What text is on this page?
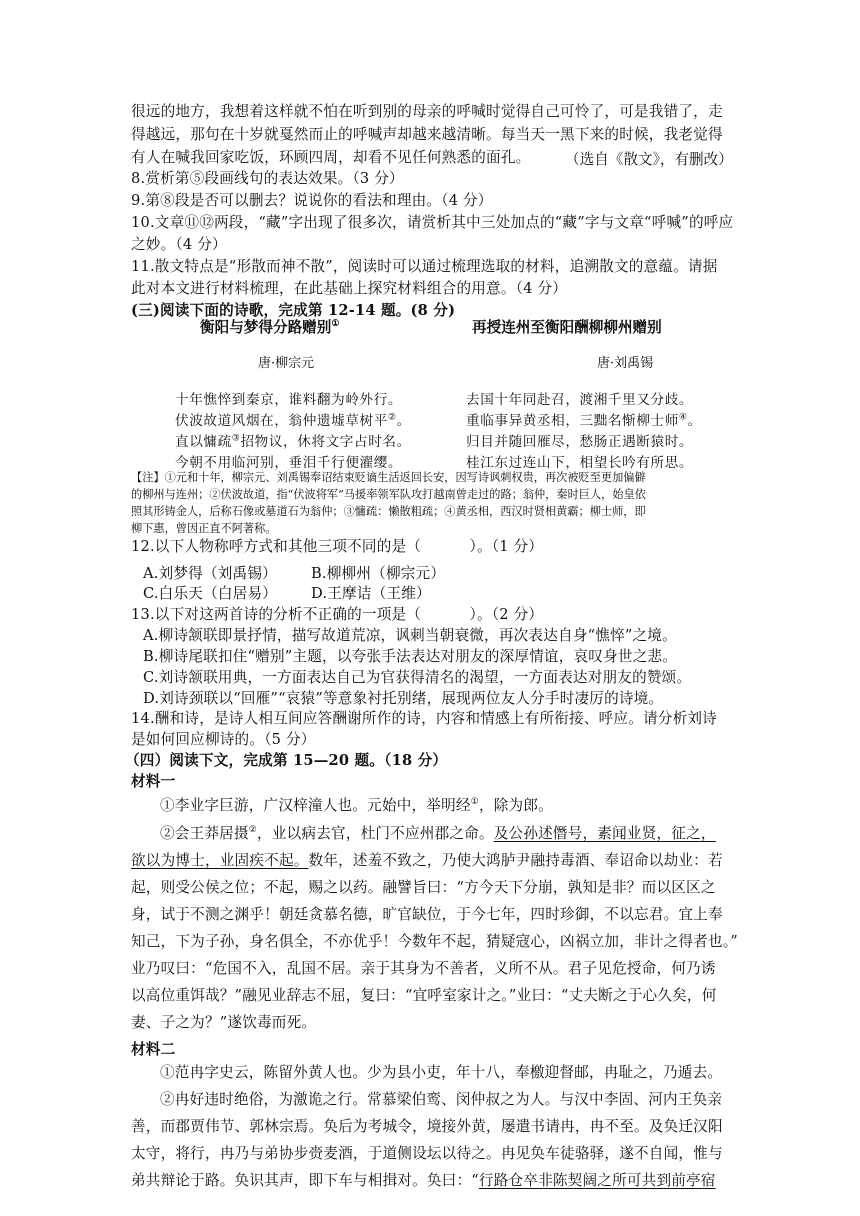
很远的地方，我想着这样就不怕在听到别的母亲的呼喊时觉得自己可怜了，可是我错了，走
得越远，那句在十岁就戛然而止的呼喊声却越来越清晰。每当天一黑下来的时候，我老觉得
有人在喊我回家吃饭，环顾四周，却看不见任何熟悉的面孔。 （选自《散文》，有删改）
8.赏析第⑤段画线句的表达效果。（3 分）
9.第⑧段是否可以删去？说说你的看法和理由。（4 分）
10.文章⑪⑫两段，“藏”字出现了很多次，请赏析其中三处加点的“藏”字与文章“呼喊”的呼应
之妙。（4 分）
11.散文特点是“形散而神不散”，阅读时可以通过梳理选取的材料，追溯散文的意蕴。请据
此对本文进行材料梳理，在此基础上探究材料组合的用意。（4 分）
(三)阅读下面的诗歌，完成第 12-14 题。(8 分)
衡阳与梦得分路赠别①	再授连州至衡阳酬柳柳州赠别
唐·柳宗元	唐·刘禹锡
十年憔悴到秦京，谁料翻为岭外行。
伏波故道风烟在，翁仲遗墟草树平②。
直以慵疏③招物议，休将文字占时名。
今朝不用临河别，垂泪千行便濯缨。
去国十年同赴召，渡湘千里又分歧。
重临事异黄丞相，三黜名惭柳士师④。
归目并随回雁尽，愁肠正遇断猿时。
桂江东过连山下，相望长吟有所思。
【注】①元和十年，柳宗元、刘禹锡奉诏结束贬谪生活返回长安，因写诗讽刺权贵，再次被贬至更加偏僻
的柳州与连州；②伏波故道，指“伏波将军”马援率领军队攻打越南曾走过的路；翁仲，秦时巨人，始皇依
照其形铸金人，后称石像或墓道石为翁仲；③慵疏：懒散粗疏；④黄丞相，西汉时贤相黄霸；柳士师，即
柳下惠，曾因正直不阿著称。
12.以下人物称呼方式和其他三项不同的是（          ）。（1 分）
A.刘梦得（刘禹锡） B.柳柳州（柳宗元）
C.白乐天（白居易） D.王摩诘（王维）
13.以下对这两首诗的分析不正确的一项是（          ）。（2 分）
A.柳诗颔联即景抒情，描写故道荒凉，讽刺当朝衰微，再次表达自身“憔悴”之境。
B.柳诗尾联扣住“赠别”主题，以夸张手法表达对朋友的深厚情谊，哀叹身世之悲。
C.刘诗颔联用典，一方面表达自己为官获得清名的渴望，一方面表达对朋友的赞颂。
D.刘诗颈联以“回雁”“哀猿”等意象衬托别绪，展现两位友人分手时凄厉的诗境。
14.酬和诗，是诗人相互间应答酬谢所作的诗，内容和情感上有所衔接、呼应。请分析刘诗
是如何回应柳诗的。（5 分）
（四）阅读下文，完成第 15—20 题。（18 分）
材料一
①李业字巨游，广汉梓潼人也。元始中，举明经①，除为郎。
②会王莽居摄②，业以病去官，杜门不应州郡之命。及公孙述僭号，素闻业贤，征之，
欲以为博士，业固疾不起。数年，述羞不致之，乃使大鸿胪尹融持毒酒、奉诏命以劫业：若
起，则受公侯之位；不起，赐之以药。融譬旨曰：“方今天下分崩，孰知是非？而以区区之
身，试于不测之渊乎！朝廷贪慕名德，旷官缺位，于今七年，四时珍御，不以忘君。宜上奉
知己，下为子孙，身名俱全，不亦优乎！今数年不起，猜疑寇心，凶祸立加，非计之得者也。”
业乃叹曰：“危国不入，乱国不居。亲于其身为不善者，义所不从。君子见危授命，何乃诱
以高位重饵哉？”融见业辞志不屈，复曰：“宜呼室家计之。”业曰：“丈夫断之于心久矣，何
妻、子之为？”遂饮毒而死。
材料二
①范冉字史云，陈留外黄人也。少为县小吏，年十八，奉檄迎督邮，冉耻之，乃遁去。
②冉好违时绝俗，为激诡之行。常慕梁伯鸾、闵仲叔之为人。与汉中李固、河内王奂亲
善，而郡贾伟节、郭林宗焉。奂后为考城令，境接外黄，屡遣书请冉，冉不至。及奂迁汉阳
太守，将行，冉乃与弟协步赍麦酒，于道侧设坛以待之。冉见奂车徒骆驿，遂不自闻，惟与
弟共辩论于路。奂识其声，即下车与相揖对。奂曰：“行路仓卒非陈契阔之所可共到前亭宿
